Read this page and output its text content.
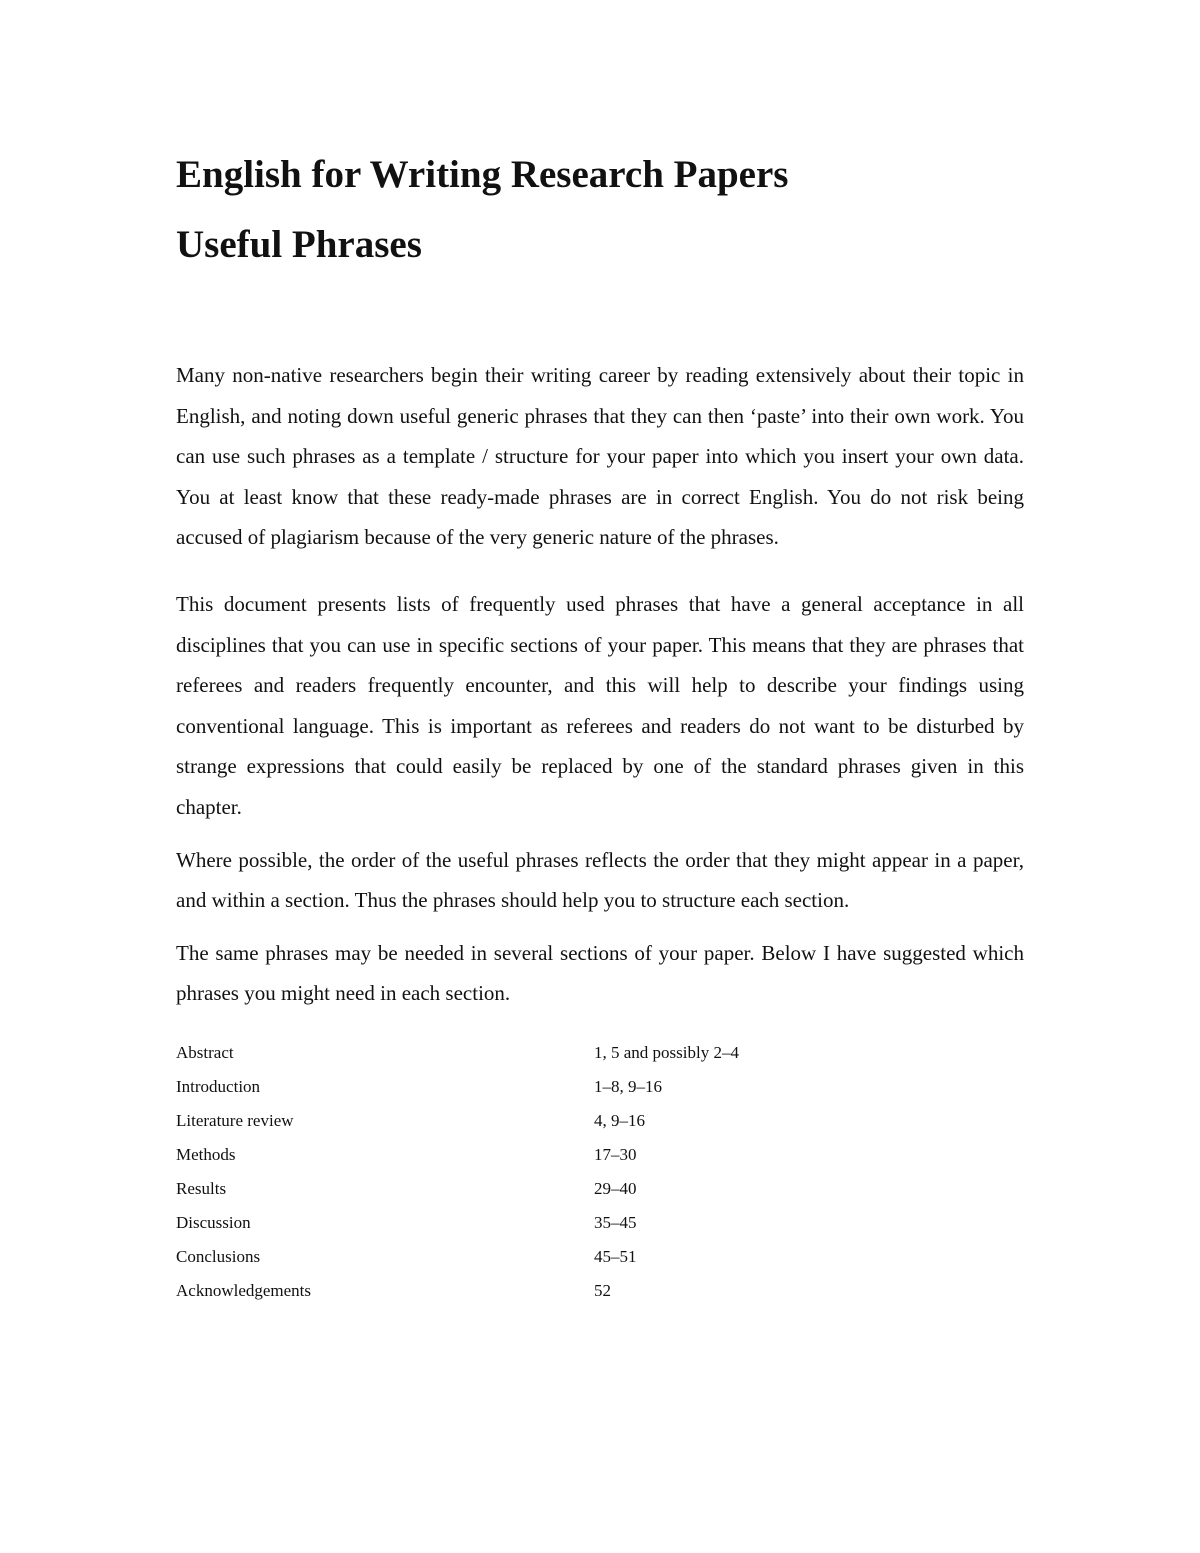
English for Writing Research Papers
Useful Phrases

Many non-native researchers begin their writing career by reading extensively about their topic in English, and noting down useful generic phrases that they can then ‘paste’ into their own work. You can use such phrases as a template / structure for your paper into which you insert your own data. You at least know that these ready-made phrases are in correct English. You do not risk being accused of plagiarism because of the very generic nature of the phrases.

This document presents lists of frequently used phrases that have a general acceptance in all disciplines that you can use in specific sections of your paper. This means that they are phrases that referees and readers frequently encounter, and this will help to describe your findings using conventional language. This is important as referees and readers do not want to be disturbed by strange expressions that could easily be replaced by one of the standard phrases given in this chapter.

Where possible, the order of the useful phrases reflects the order that they might appear in a paper, and within a section. Thus the phrases should help you to structure each section.

The same phrases may be needed in several sections of your paper. Below I have suggested which phrases you might need in each section.

Abstract	1, 5 and possibly 2–4
Introduction	1–8, 9–16
Literature review	4, 9–16
Methods	17–30
Results	29–40
Discussion	35–45
Conclusions	45–51
Acknowledgements	52
